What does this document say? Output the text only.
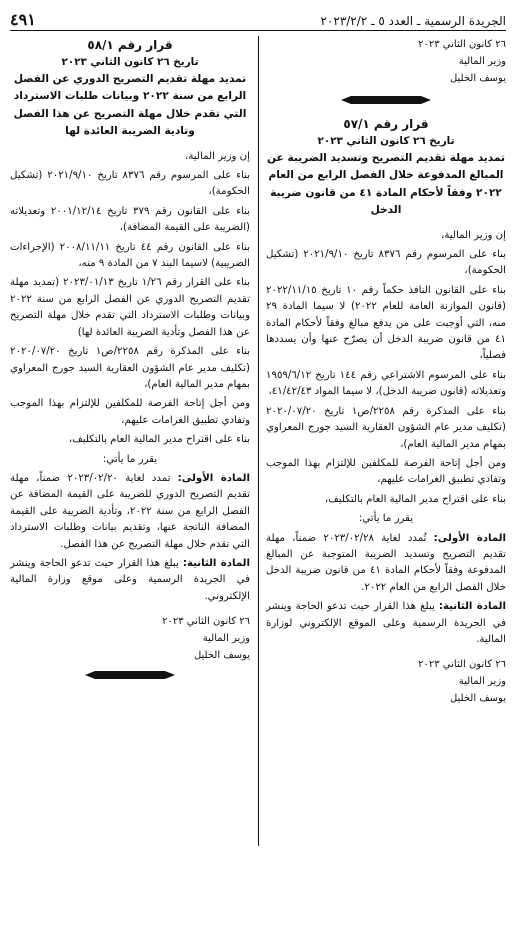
الجريدة الرسمية ـ العدد ٥ ـ ٢٠٢٣/٢/٢
٤٩١

٢٦ كانون الثاني ٢٠٢٣

وزير المالية

يوسف الخليل

قرار رقم ٥٧/١

تاريخ ٢٦ كانون الثاني ٢٠٢٣

تمديد مهلة تقديم التصريح وتسديد الضريبة عن المبالغ المدفوعة خلال الفصل الرابع من العام ٢٠٢٢ وفقاً لأحكام المادة ٤١ من قانون ضريبة الدخل

إن وزير المالية،

بناء على المرسوم رقم ٨٣٧٦ تاريخ ٢٠٢١/٩/١٠ (تشكيل الحكومة)،

بناء على القانون النافذ حكماً رقم ١٠ تاريخ ٢٠٢٢/١١/١٥ (قانون الموازنة العامة للعام ٢٠٢٢) لا سيما المادة ٢٩ منه، التي أوجبت على من يدفع مبالغ وفقاً لأحكام المادة ٤١ من قانون ضريبة الدخل أن يصرّح عنها وأن يسددها فصلياً،

بناء على المرسوم الاشتراعي رقم ١٤٤ تاريخ ١٩٥٩/٦/١٢ وتعديلاته (قانون ضريبة الدخل)، لا سيما المواد ٤١/٤٢/٤٣،

بناء على المذكرة رقم ٢٢٥٨/ص١ تاريخ ٢٠٢٠/٠٧/٢٠ (تكليف مدير عام الشؤون العقارية السيد جورج المعراوي بمهام مدير المالية العام)،

ومن أجل إتاحة الفرصة للمكلفين للإلتزام بهذا الموجب وتفادي تطبيق الغرامات عليهم،

بناء على اقتراح مدير المالية العام بالتكليف،

يقرر ما يأتي:

المادة الأولى: تُمدد لغاية ٢٠٢٣/٠٢/٢٨ ضمناً، مهلة تقديم التصريح وتسديد الضريبة المتوجبة عن المبالغ المدفوعة وفقاً لأحكام المادة ٤١ من قانون ضريبة الدخل خلال الفصل الرابع من العام ٢٠٢٢.

المادة الثانية: يبلغ هذا القرار حيث تدعو الحاجة وينشر في الجريدة الرسمية وعلى الموقع الإلكتروني لوزارة المالية.

٢٦ كانون الثاني ٢٠٢٣

وزير المالية

يوسف الخليل

قرار رقم ٥٨/١

تاريخ ٢٦ كانون الثاني ٢٠٢٣

تمديد مهلة تقديم التصريح الدوري عن الفصل الرابع من سنة ٢٠٢٢ وبيانات طلبات الاسترداد التي تقدم خلال مهلة التصريح عن هذا الفصل وتادية الضريبة العائدة لها

إن وزير المالية،

بناء على المرسوم رقم ٨٣٧٦ تاريخ ٢٠٢١/٩/١٠ (تشكيل الحكومة)،

بناء على القانون رقم ٣٧٩ تاريخ ٢٠٠١/١٢/١٤ وتعديلاته (الضريبة على القيمة المضافة)،

بناء على القانون رقم ٤٤ تاريخ ٢٠٠٨/١١/١١ (الإجراءات الضريبية) لاسيما البند ٧ من المادة ٩ منه،

بناء على القرار رقم ١/٢٦ تاريخ ٢٠٢٣/٠١/١٣ (تمديد مهلة تقديم التصريح الدوري عن الفصل الرابع من سنة ٢٠٢٢ وبيانات وطلبات الاسترداد التي تقدم خلال مهلة التصريح عن هذا الفصل وتأدية الضريبة العائدة لها)

بناء على المذكرة رقم ٢٢٥٨/ص١ تاريخ ٢٠٢٠/٠٧/٢٠ (تكليف مدير عام الشؤون العقارية السيد جورج المعراوي بمهام مدير المالية العام)،

ومن أجل إتاحة الفرصة للمكلفين للإلتزام بهذا الموجب وتفادي تطبيق الغرامات عليهم،

بناء على اقتراح مدير المالية العام بالتكليف،

يقرر ما يأتي:

المادة الأولى: تمدد لغاية ٢٠٢٣/٠٢/٢٠ ضمناً، مهلة تقديم التصريح الدوري للضريبة على القيمة المضافة عن الفصل الرابع من سنة ٢٠٢٢، وتأدية الضريبة على القيمة المضافة الناتجة عنها، وتقديم بيانات وطلبات الاسترداد التي تقدم خلال مهلة التصريح عن هذا الفصل.

المادة الثانية: يبلغ هذا القرار حيث تدعو الحاجة وينشر في الجريدة الرسمية وعلى موقع وزارة المالية الإلكتروني.

٢٦ كانون الثاني ٢٠٢٣

وزير المالية

يوسف الخليل
